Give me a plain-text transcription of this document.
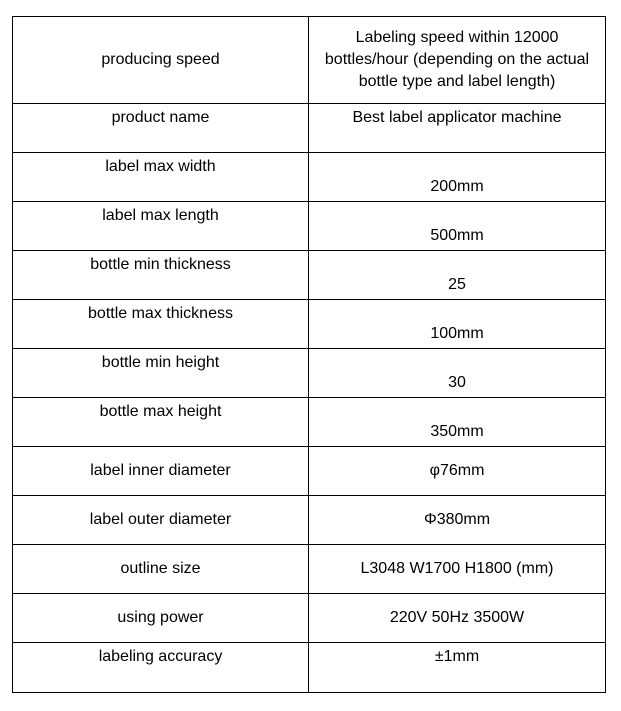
producing speed	Labeling speed within 12000 bottles/hour (depending on the actual bottle type and label length)
product name	Best label applicator machine
label max width	200mm
label max length	500mm
bottle min thickness	25
bottle max thickness	100mm
bottle min height	30
bottle max height	350mm
label inner diameter	φ76mm
label outer diameter	Φ380mm
outline size	L3048 W1700 H1800 (mm)
using power	220V 50Hz 3500W
labeling accuracy	±1mm
